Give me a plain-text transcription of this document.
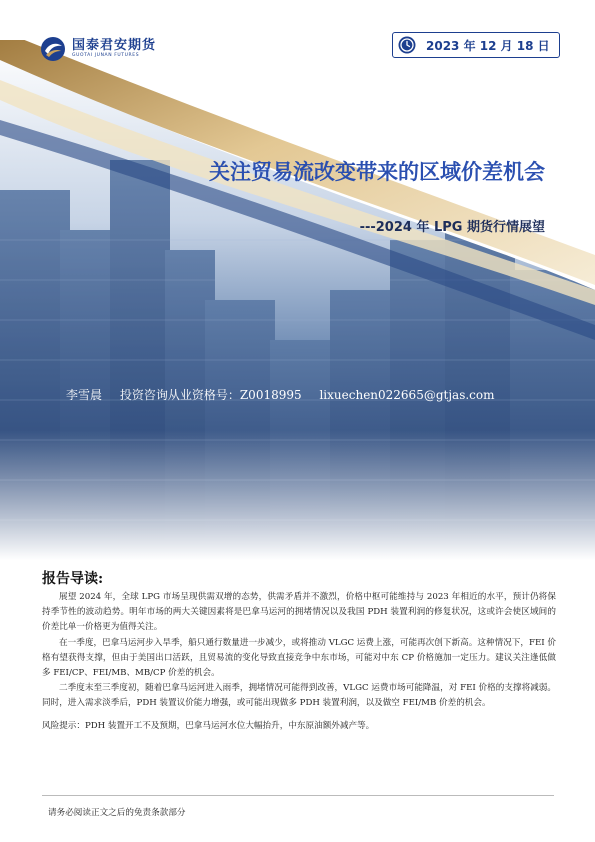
国泰君安期货
GUOTAI JUNAN FUTURES
2023 年 12 月 18 日
关注贸易流改变带来的区域价差机会
---2024 年 LPG 期货行情展望
李雪晨 投资咨询从业资格号：Z0018995 lixuechen022665@gtjas.com
报告导读:

展望 2024 年，全球 LPG 市场呈现供需双增的态势，供需矛盾并不激烈，价格中枢可能维持与 2023 年相近的水平，预计仍将保持季节性的波动趋势。明年市场的两大关键因素将是巴拿马运河的拥堵情况以及我国 PDH 装置利润的修复状况，这或许会使区域间的价差比单一价格更为值得关注。

在一季度，巴拿马运河步入旱季，船只通行数量进一步减少，或将推动 VLGC 运费上涨，可能再次创下新高。这种情况下，FEI 价格有望获得支撑，但由于美国出口活跃，且贸易流的变化导致直接竞争中东市场，可能对中东 CP 价格施加一定压力。建议关注逢低做多 FEI/CP、FEI/MB、MB/CP 价差的机会。

二季度末至三季度初，随着巴拿马运河进入雨季，拥堵情况可能得到改善，VLGC 运费市场可能降温，对 FEI 价格的支撑将减弱。同时，进入需求淡季后，PDH 装置议价能力增强，或可能出现做多 PDH 装置利润，以及做空 FEI/MB 价差的机会。

风险提示：PDH 装置开工不及预期，巴拿马运河水位大幅抬升，中东原油额外减产等。

请务必阅读正文之后的免责条款部分
